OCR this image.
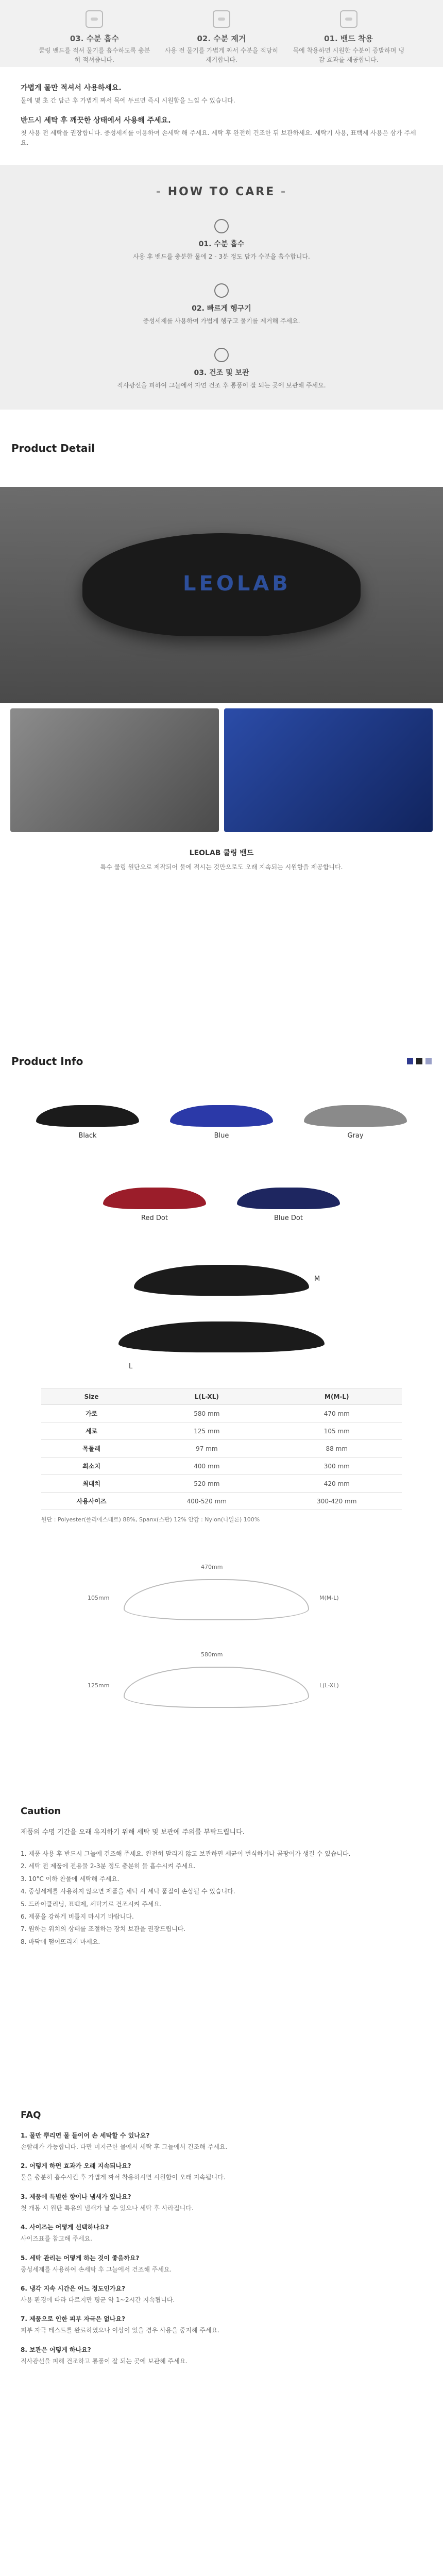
03. 수분 흡수
쿨링 밴드를 적셔 물기를 흡수하도록 충분히 적셔줍니다.
02. 수분 제거
사용 전 물기를 가볍게 짜서 수분을 적당히 제거합니다.
01. 밴드 착용
목에 착용하면 시원한 수분이 증발하며 냉감 효과를 제공합니다.
가볍게 물만 적셔서 사용하세요.
물에 몇 초 간 담근 후 가볍게 짜서 목에 두르면 즉시 시원함을 느낄 수 있습니다.
반드시 세탁 후 깨끗한 상태에서 사용해 주세요.
첫 사용 전 세탁을 권장합니다. 중성세제를 이용하여 손세탁 해 주세요. 세탁 후 완전히 건조한 뒤 보관하세요. 세탁기 사용, 표백제 사용은 삼가 주세요.
- HOW TO CARE -
01. 수분 흡수
사용 후 밴드를 충분한 물에 2 - 3분 정도 담가 수분을 흡수합니다.
02. 빠르게 헹구기
중성세제를 사용하여 가볍게 헹구고 물기를 제거해 주세요.
03. 건조 및 보관
직사광선을 피하여 그늘에서 자연 건조 후 통풍이 잘 되는 곳에 보관해 주세요.
Product Detail
LEOLAB
LEOLAB 쿨링 밴드
특수 쿨링 원단으로 제작되어 물에 적시는 것만으로도 오래 지속되는 시원함을 제공합니다.
Product Info
Black	Blue	Gray
Red Dot	Blue Dot
M
L
Size	L(L-XL)	M(M-L)
가로	580 mm	470 mm
세로	125 mm	105 mm
목둘레	97 mm	88 mm
최소치	400 mm	300 mm
최대치	520 mm	420 mm
사용사이즈	400-520 mm	300-420 mm
원단 : Polyester(폴리에스테르) 88%, Spanx(스판) 12% 안감 : Nylon(나일론) 100%
470mm
105mm	M(M-L)
580mm
125mm	L(L-XL)
Caution
제품의 수명 기간을 오래 유지하기 위해 세탁 및 보관에 주의를 부탁드립니다.
1. 제품 사용 후 반드시 그늘에 건조해 주세요. 완전히 말리지 않고 보관하면 세균이 번식하거나 곰팡이가 생길 수 있습니다.
2. 세탁 전 제품에 전용물 2-3분 정도 충분히 물 흡수시켜 주세요.
3. 10°C 이하 찬물에 세탁해 주세요.
4. 중성세제를 사용하지 않으면 제품을 세탁 시 세탁 품질이 손상될 수 있습니다.
5. 드라이클리닝, 표백제, 세탁기로 건조시켜 주세요.
6. 제품을 강하게 비틀지 마시기 바랍니다.
7. 원하는 위치의 상태를 조절하는 장치 보관을 권장드립니다.
8. 바닥에 떨어뜨리지 마세요.
FAQ
1. 물만 뿌리면 물 들이어 손 세탁할 수 있나요?
손빨래가 가능합니다. 다만 미지근한 물에서 세탁 후 그늘에서 건조해 주세요.
2. 어떻게 하면 효과가 오래 지속되나요?
물을 충분히 흡수시킨 후 가볍게 짜서 착용하시면 시원함이 오래 지속됩니다.
3. 제품에 특별한 향이나 냄새가 있나요?
첫 개봉 시 원단 특유의 냄새가 날 수 있으나 세탁 후 사라집니다.
4. 사이즈는 어떻게 선택하나요?
사이즈표를 참고해 주세요.
5. 세탁 관리는 어떻게 하는 것이 좋을까요?
중성세제를 사용하여 손세탁 후 그늘에서 건조해 주세요.
6. 냉각 지속 시간은 어느 정도인가요?
사용 환경에 따라 다르지만 평균 약 1~2시간 지속됩니다.
7. 제품으로 인한 피부 자극은 없나요?
피부 자극 테스트를 완료하였으나 이상이 있을 경우 사용을 중지해 주세요.
8. 보관은 어떻게 하나요?
직사광선을 피해 건조하고 통풍이 잘 되는 곳에 보관해 주세요.
